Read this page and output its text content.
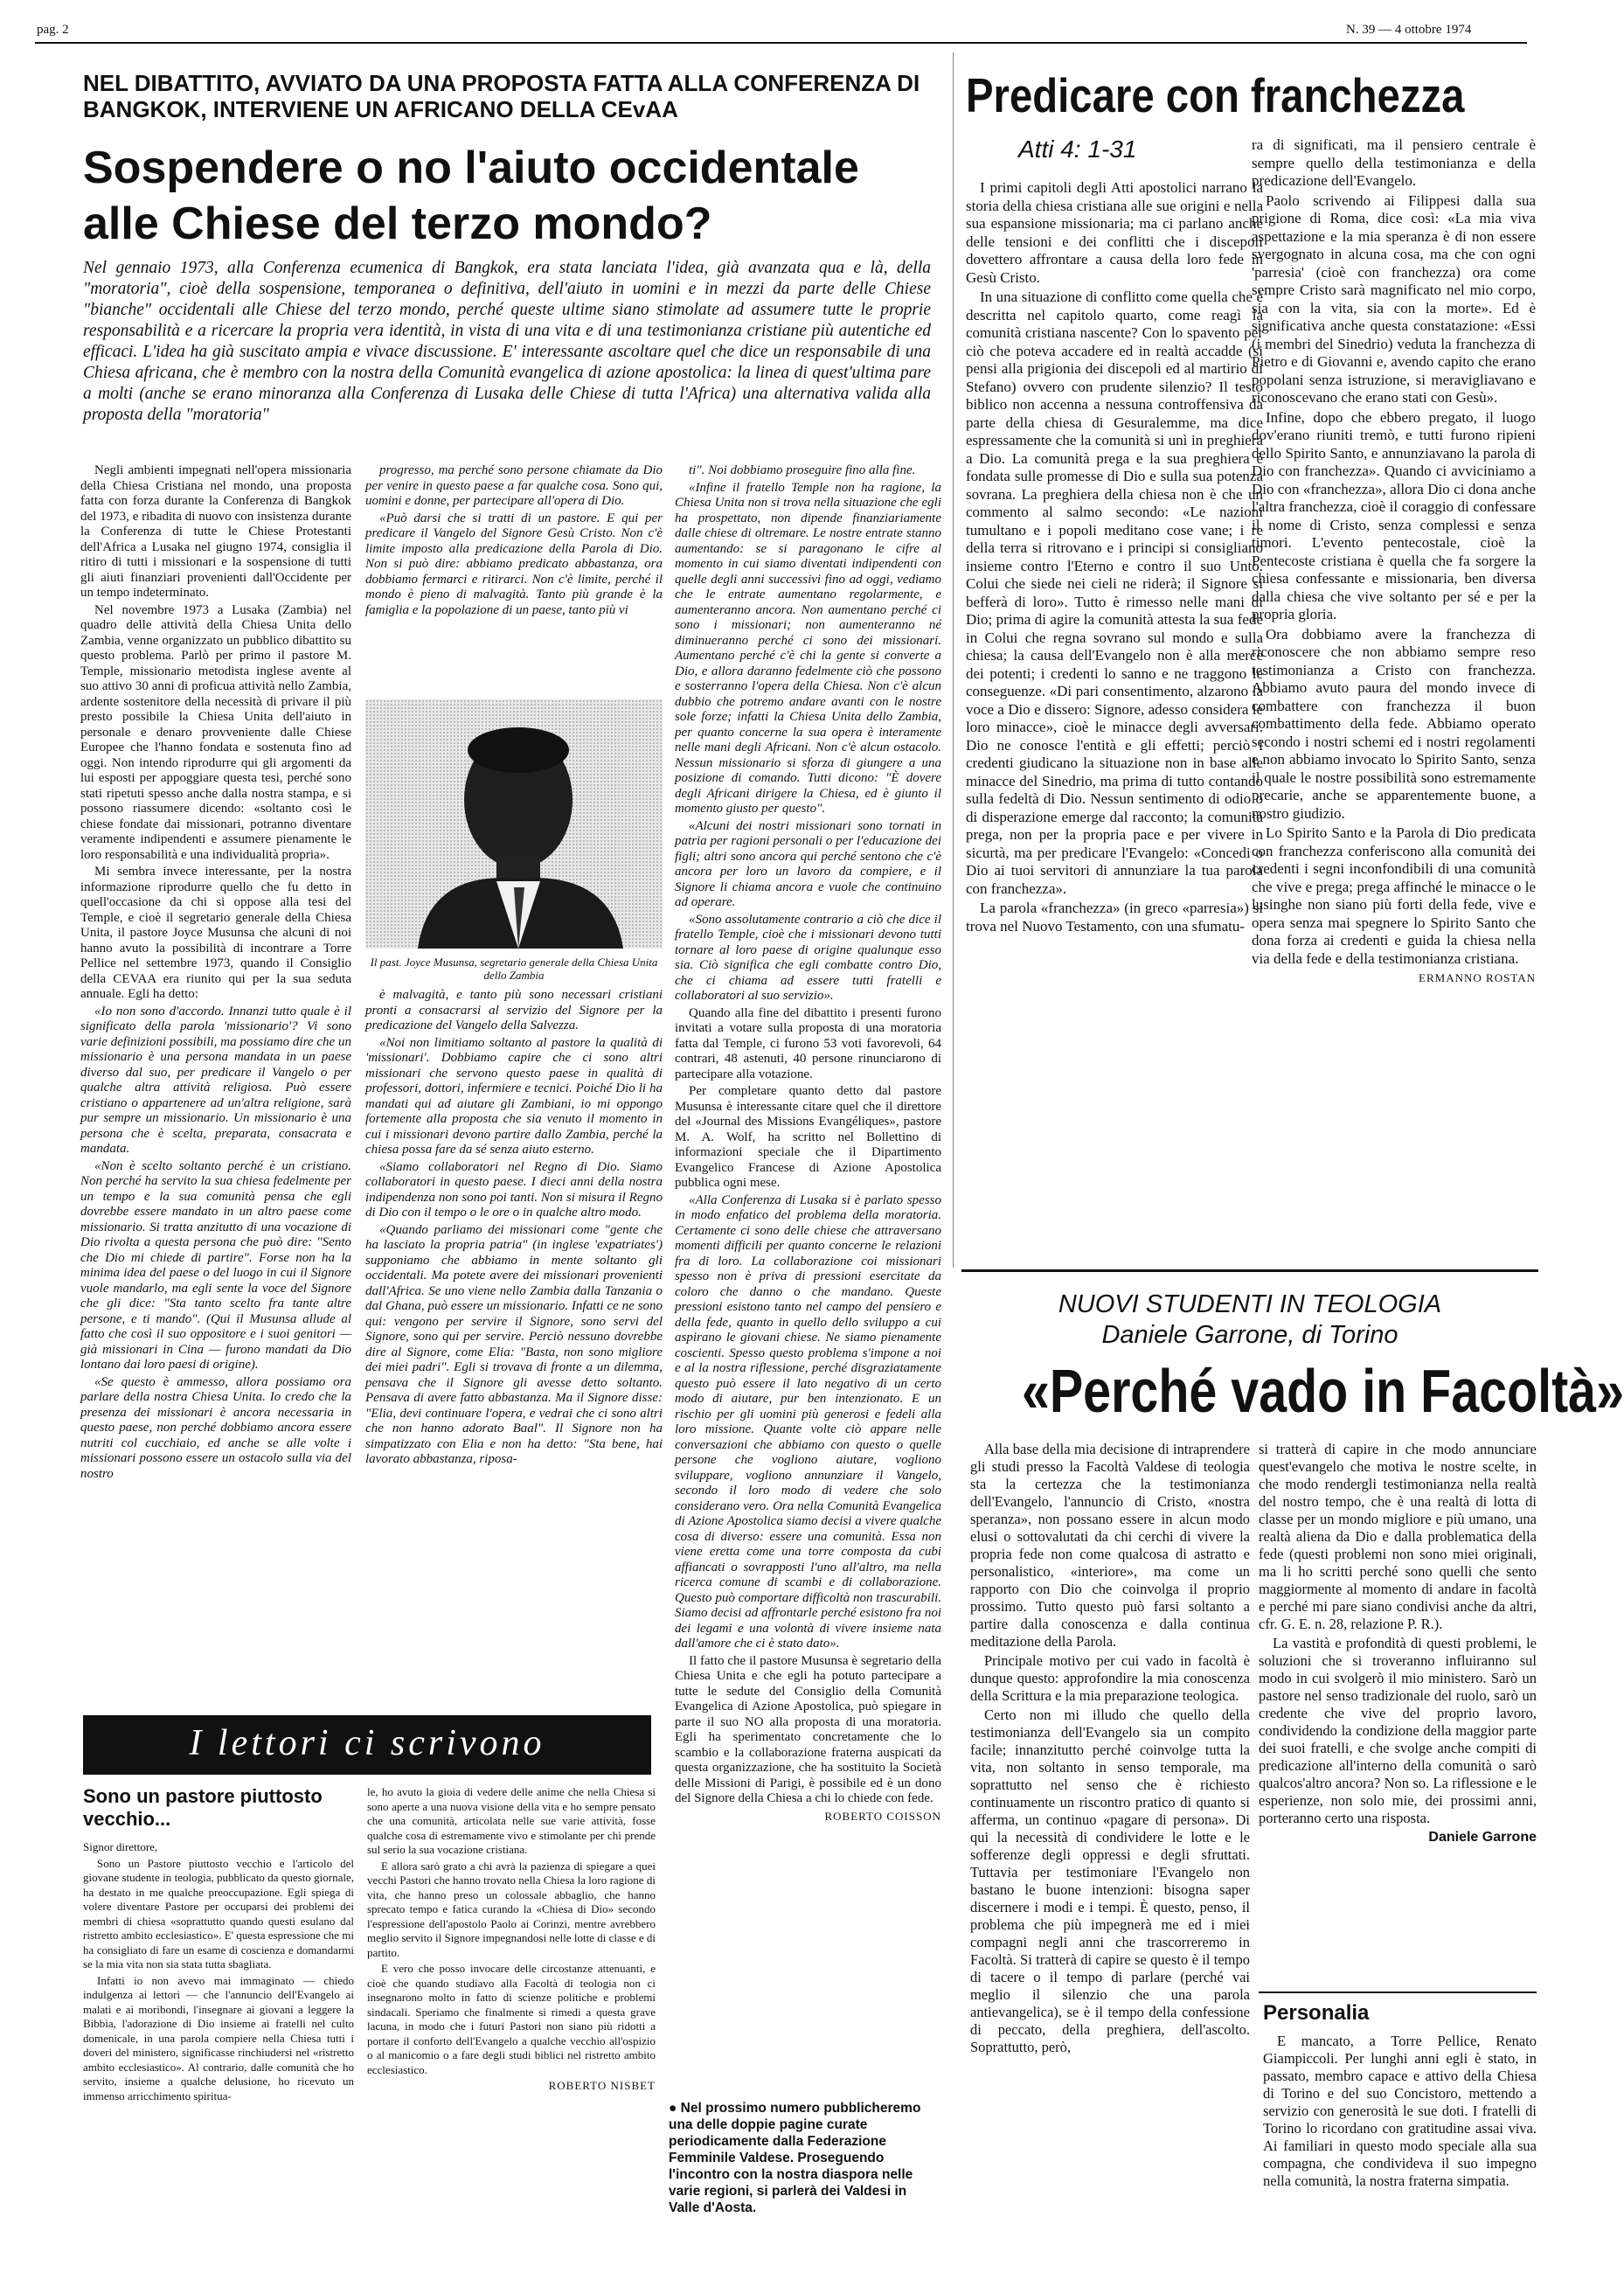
pag. 2	N. 39 — 4 ottobre 1974
NEL DIBATTITO, AVVIATO DA UNA PROPOSTA FATTA ALLA CONFERENZA DI BANGKOK, INTERVIENE UN AFRICANO DELLA CEvAA
Sospendere o no l'aiuto occidentale alle Chiese del terzo mondo?
Nel gennaio 1973, alla Conferenza ecumenica di Bangkok, era stata lanciata l'idea, già avanzata qua e là, della "moratoria", cioè della sospensione, temporanea o definitiva, dell'aiuto in uomini e in mezzi da parte delle Chiese "bianche" occidentali alle Chiese del terzo mondo, perché queste ultime siano stimolate ad assumere tutte le proprie responsabilità e a ricercare la propria vera identità, in vista di una vita e di una testimonianza cristiane più autentiche ed efficaci. L'idea ha già suscitato ampia e vivace discussione. E' interessante ascoltare quel che dice un responsabile di una Chiesa africana, che è membro con la nostra della Comunità evangelica di azione apostolica: la linea di quest'ultima pare a molti (anche se erano minoranza alla Conferenza di Lusaka delle Chiese di tutta l'Africa) una alternativa valida alla proposta della "moratoria"

Negli ambienti impegnati nell'opera missionaria della Chiesa Cristiana nel mondo, una proposta fatta con forza durante la Conferenza di Bangkok del 1973, e ribadita di nuovo con insistenza durante la Conferenza di tutte le Chiese Protestanti dell'Africa a Lusaka nel giugno 1974, consiglia il ritiro di tutti i missionari e la sospensione di tutti gli aiuti finanziari provenienti dall'Occidente per un tempo indeterminato.

Nel novembre 1973 a Lusaka (Zambia) nel quadro delle attività della Chiesa Unita dello Zambia, venne organizzato un pubblico dibattito su questo problema. Parlò per primo il pastore M. Temple, missionario metodista inglese avente al suo attivo 30 anni di proficua attività nello Zambia, ardente sostenitore della necessità di privare il più presto possibile la Chiesa Unita dell'aiuto in personale e denaro provveniente dalle Chiese Europee che l'hanno fondata e sostenuta fino ad oggi. Non intendo riprodurre qui gli argomenti da lui esposti per appoggiare questa tesi, perché sono stati ripetuti spesso anche dalla nostra stampa, e si possono riassumere dicendo: «soltanto così le chiese fondate dai missionari, potranno diventare veramente indipendenti e assumere pienamente le loro responsabilità e una individualità propria».

Mi sembra invece interessante, per la nostra informazione riprodurre quello che fu detto in quell'occasione da chi si oppose alla tesi del Temple, e cioè il segretario generale della Chiesa Unita, il pastore Joyce Musunsa che alcuni di noi hanno avuto la possibilità di incontrare a Torre Pellice nel settembre 1973, quando il Consiglio della CEVAA era riunito qui per la sua seduta annuale. Egli ha detto:

«Io non sono d'accordo. Innanzi tutto quale è il significato della parola 'missionario'? Vi sono varie definizioni possibili, ma possiamo dire che un missionario è una persona mandata in un paese diverso dal suo, per predicare il Vangelo o per qualche altra attività religiosa. Può essere cristiano o appartenere ad un'altra religione, sarà pur sempre un missionario. Un missionario è una persona che è scelta, preparata, consacrata e mandata.

«Non è scelto soltanto perché è un cristiano. Non perché ha servito la sua chiesa fedelmente per un tempo e la sua comunità pensa che egli dovrebbe essere mandato in un altro paese come missionario. Si tratta anzitutto di una vocazione di Dio rivolta a questa persona che può dire: "Sento che Dio mi chiede di partire". Forse non ha la minima idea del paese o del luogo in cui il Signore vuole mandarlo, ma egli sente la voce del Signore che gli dice: "Sta tanto scelto fra tante altre persone, e ti mando". (Qui il Musunsa allude al fatto che così il suo oppositore e i suoi genitori — già missionari in Cina — furono mandati da Dio lontano dai loro paesi di origine).

«Se questo è ammesso, allora possiamo ora parlare della nostra Chiesa Unita. Io credo che la presenza dei missionari è ancora necessaria in questo paese, non perché dobbiamo ancora essere nutriti col cucchiaio, ed anche se alle volte i missionari possono essere un ostacolo sulla via del nostro

progresso, ma perché sono persone chiamate da Dio per venire in questo paese a far qualche cosa. Sono qui, uomini e donne, per partecipare all'opera di Dio.

«Può darsi che si tratti di un pastore. E qui per predicare il Vangelo del Signore Gesù Cristo. Non c'è limite imposto alla predicazione della Parola di Dio. Non si può dire: abbiamo predicato abbastanza, ora dobbiamo fermarci e ritirarci. Non c'è limite, perché il mondo è pieno di malvagità. Tanto più grande è la famiglia e la popolazione di un paese, tanto più vi

Il past. Joyce Musunsa, segretario generale della Chiesa Unita dello Zambia

è malvagità, e tanto più sono necessari cristiani pronti a consacrarsi al servizio del Signore per la predicazione del Vangelo della Salvezza.

«Noi non limitiamo soltanto al pastore la qualità di 'missionari'. Dobbiamo capire che ci sono altri missionari che servono questo paese in qualità di professori, dottori, infermiere e tecnici. Poiché Dio li ha mandati qui ad aiutare gli Zambiani, io mi oppongo fortemente alla proposta che sia venuto il momento in cui i missionari devono partire dallo Zambia, perché la chiesa possa fare da sé senza aiuto esterno.

«Siamo collaboratori nel Regno di Dio. Siamo collaboratori in questo paese. I dieci anni della nostra indipendenza non sono poi tanti. Non si misura il Regno di Dio con il tempo o le ore o in qualche altro modo.

«Quando parliamo dei missionari come "gente che ha lasciato la propria patria" (in inglese 'expatriates') supponiamo che abbiamo in mente soltanto gli occidentali. Ma potete avere dei missionari provenienti dall'Africa. Se uno viene nello Zambia dalla Tanzania o dal Ghana, può essere un missionario. Infatti ce ne sono qui: vengono per servire il Signore, sono servi del Signore, sono qui per servire. Perciò nessuno dovrebbe dire al Signore, come Elia: "Basta, non sono migliore dei miei padri". Egli si trovava di fronte a un dilemma, pensava che il Signore gli avesse detto soltanto. Pensava di avere fatto abbastanza. Ma il Signore disse: "Elia, devi continuare l'opera, e vedrai che ci sono altri che non hanno adorato Baal". Il Signore non ha simpatizzato con Elia e non ha detto: "Sta bene, hai lavorato abbastanza, riposa-

ti". Noi dobbiamo proseguire fino alla fine.

«Infine il fratello Temple non ha ragione, la Chiesa Unita non si trova nella situazione che egli ha prospettato, non dipende finanziariamente dalle chiese di oltremare. Le nostre entrate stanno aumentando: se si paragonano le cifre al momento in cui siamo diventati indipendenti con quelle degli anni successivi fino ad oggi, vediamo che le entrate aumentano regolarmente, e aumenteranno ancora. Non aumentano perché ci sono i missionari; non aumenteranno né diminueranno perché ci sono dei missionari. Aumentano perché c'è chi la gente si converte a Dio, e allora daranno fedelmente ciò che possono e sosterranno l'opera della Chiesa. Non c'è alcun dubbio che potremo andare avanti con le nostre sole forze; infatti la Chiesa Unita dello Zambia, per quanto concerne la sua opera è interamente nelle mani degli Africani. Non c'è alcun ostacolo. Nessun missionario si sforza di giungere a una posizione di comando. Tutti dicono: "È dovere degli Africani dirigere la Chiesa, ed è giunto il momento giusto per questo".

«Alcuni dei nostri missionari sono tornati in patria per ragioni personali o per l'educazione dei figli; altri sono ancora qui perché sentono che c'è ancora per loro un lavoro da compiere, e il Signore li chiama ancora e vuole che continuino ad operare.

«Sono assolutamente contrario a ciò che dice il fratello Temple, cioè che i missionari devono tutti tornare al loro paese di origine qualunque esso sia. Ciò significa che egli combatte contro Dio, che ci chiama ad essere tutti fratelli e collaboratori al suo servizio».

Quando alla fine del dibattito i presenti furono invitati a votare sulla proposta di una moratoria fatta dal Temple, ci furono 53 voti favorevoli, 64 contrari, 48 astenuti, 40 persone rinunciarono di partecipare alla votazione.

Per completare quanto detto dal pastore Musunsa è interessante citare quel che il direttore del «Journal des Missions Evangéliques», pastore M. A. Wolf, ha scritto nel Bollettino di informazioni speciale che il Dipartimento Evangelico Francese di Azione Apostolica pubblica ogni mese.

«Alla Conferenza di Lusaka si è parlato spesso in modo enfatico del problema della moratoria. Certamente ci sono delle chiese che attraversano momenti difficili per quanto concerne le relazioni fra di loro. La collaborazione coi missionari spesso non è priva di pressioni esercitate da coloro che danno o che mandano. Queste pressioni esistono tanto nel campo del pensiero e della fede, quanto in quello dello sviluppo a cui aspirano le giovani chiese. Ne siamo pienamente coscienti. Spesso questo problema s'impone a noi e al la nostra riflessione, perché disgraziatamente questo può essere il lato negativo di un certo modo di aiutare, pur ben intenzionato. E un rischio per gli uomini più generosi e fedeli alla loro missione. Quante volte ciò appare nelle conversazioni che abbiamo con questo o quelle persone che vogliono aiutare, vogliono sviluppare, vogliono annunziare il Vangelo, secondo il loro modo di vedere che solo considerano vero. Ora nella Comunità Evangelica di Azione Apostolica siamo decisi a vivere qualche cosa di diverso: essere una comunità. Essa non viene eretta come una torre composta da cubi affiancati o sovrapposti l'uno all'altro, ma nella ricerca comune di scambi e di collaborazione. Questo può comportare difficoltà non trascurabili. Siamo decisi ad affrontarle perché esistono fra noi dei legami e una volontà di vivere insieme nata dall'amore che ci è stato dato».

Il fatto che il pastore Musunsa è segretario della Chiesa Unita e che egli ha potuto partecipare a tutte le sedute del Consiglio della Comunità Evangelica di Azione Apostolica, può spiegare in parte il suo NO alla proposta di una moratoria. Egli ha sperimentato concretamente che lo scambio e la collaborazione fraterna auspicati da questa organizzazione, che ha sostituito la Società delle Missioni di Parigi, è possibile ed è un dono del Signore della Chiesa a chi lo chiede con fede.

ROBERTO COISSON
● Nel prossimo numero pubblicheremo una delle doppie pagine curate periodicamente dalla Federazione Femminile Valdese. Proseguendo l'incontro con la nostra diaspora nelle varie regioni, si parlerà dei Valdesi in Valle d'Aosta.
I lettori ci scrivono
Sono un pastore piuttosto vecchio...

Signor direttore,

Sono un Pastore piuttosto vecchio e l'articolo del giovane studente in teologia, pubblicato da questo giornale, ha destato in me qualche preoccupazione. Egli spiega di volere diventare Pastore per occuparsi dei problemi dei membri di chiesa «soprattutto quando questi esulano dal ristretto ambito ecclesiastico». E' questa espressione che mi ha consigliato di fare un esame di coscienza e domandarmi se la mia vita non sia stata tutta sbagliata.

Infatti io non avevo mai immaginato — chiedo indulgenza ai lettori — che l'annuncio dell'Evangelo ai malati e ai moribondi, l'insegnare ai giovani a leggere la Bibbia, l'adorazione di Dio insieme ai fratelli nel culto domenicale, in una parola compiere nella Chiesa tutti i doveri del ministero, significasse rinchiudersi nel «ristretto ambito ecclesiastico». Al contrario, dalle comunità che ho servito, insieme a qualche delusione, ho ricevuto un immenso arricchimento spiritua-

le, ho avuto la gioia di vedere delle anime che nella Chiesa si sono aperte a una nuova visione della vita e ho sempre pensato che una comunità, articolata nelle sue varie attività, fosse qualche cosa di estremamente vivo e stimolante per chi prende sul serio la sua vocazione cristiana.

E allora sarò grato a chi avrà la pazienza di spiegare a quei vecchi Pastori che hanno trovato nella Chiesa la loro ragione di vita, che hanno preso un colossale abbaglio, che hanno sprecato tempo e fatica curando la «Chiesa di Dio» secondo l'espressione dell'apostolo Paolo ai Corinzi, mentre avrebbero meglio servito il Signore impegnandosi nelle lotte di classe e di partito.

E vero che posso invocare delle circostanze attenuanti, e cioè che quando studiavo alla Facoltà di teologia non ci insegnarono molto in fatto di scienze politiche e problemi sindacali. Speriamo che finalmente si rimedi a questa grave lacuna, in modo che i futuri Pastori non siano più ridotti a portare il conforto dell'Evangelo a qualche vecchio all'ospizio o al manicomio o a fare degli studi biblici nel ristretto ambito ecclesiastico.

ROBERTO NISBET
Predicare con franchezza
Atti 4: 1-31

I primi capitoli degli Atti apostolici narrano la storia della chiesa cristiana alle sue origini e nella sua espansione missionaria; ma ci parlano anche delle tensioni e dei conflitti che i discepoli dovettero affrontare a causa della loro fede in Gesù Cristo.

In una situazione di conflitto come quella che è descritta nel capitolo quarto, come reagì la comunità cristiana nascente? Con lo spavento per ciò che poteva accadere ed in realtà accadde (si pensi alla prigionia dei discepoli ed al martirio di Stefano) ovvero con prudente silenzio? Il testo biblico non accenna a nessuna controffensiva da parte della chiesa di Gesuralemme, ma dice espressamente che la comunità si unì in preghiera a Dio. La comunità prega e la sua preghiera è fondata sulle promesse di Dio e sulla sua potenza sovrana. La preghiera della chiesa non è che un commento al salmo secondo: «Le nazioni tumultano e i popoli meditano cose vane; i re della terra si ritrovano e i principi si consigliano insieme contro l'Eterno e contro il suo Unto. Colui che siede nei cieli ne riderà; il Signore si befferà di loro». Tutto è rimesso nelle mani di Dio; prima di agire la comunità attesta la sua fede in Colui che regna sovrano sul mondo e sulla chiesa; la causa dell'Evangelo non è alla mercè dei potenti; i credenti lo sanno e ne traggono le conseguenze. «Di pari consentimento, alzarono la voce a Dio e dissero: Signore, adesso considera le loro minacce», cioè le minacce degli avversari. Dio ne conosce l'entità e gli effetti; perciò i credenti giudicano la situazione non in base alle minacce del Sinedrio, ma prima di tutto contando sulla fedeltà di Dio. Nessun sentimento di odio o di disperazione emerge dal racconto; la comunità prega, non per la propria pace e per vivere in sicurtà, ma per predicare l'Evangelo: «Concedi o Dio ai tuoi servitori di annunziare la tua parola con franchezza».

La parola «franchezza» (in greco «parresia») si trova nel Nuovo Testamento, con una sfumatu-

ra di significati, ma il pensiero centrale è sempre quello della testimonianza e della predicazione dell'Evangelo.

Paolo scrivendo ai Filippesi dalla sua prigione di Roma, dice così: «La mia viva aspettazione e la mia speranza è di non essere svergognato in alcuna cosa, ma che con ogni 'parresia' (cioè con franchezza) ora come sempre Cristo sarà magnificato nel mio corpo, sia con la vita, sia con la morte». Ed è significativa anche questa constatazione: «Essi (i membri del Sinedrio) veduta la franchezza di Pietro e di Giovanni e, avendo capito che erano popolani senza istruzione, si meravigliavano e riconoscevano che erano stati con Gesù».

Infine, dopo che ebbero pregato, il luogo dov'erano riuniti tremò, e tutti furono ripieni dello Spirito Santo, e annunziavano la parola di Dio con franchezza». Quando ci avviciniamo a Dio con «franchezza», allora Dio ci dona anche l'altra franchezza, cioè il coraggio di confessare il nome di Cristo, senza complessi e senza timori. L'evento pentecostale, cioè la Pentecoste cristiana è quella che fa sorgere la chiesa confessante e missionaria, ben diversa dalla chiesa che vive soltanto per sé e per la propria gloria.

Ora dobbiamo avere la franchezza di riconoscere che non abbiamo sempre reso testimonianza a Cristo con franchezza. Abbiamo avuto paura del mondo invece di combattere con franchezza il buon combattimento della fede. Abbiamo operato secondo i nostri schemi ed i nostri regolamenti e non abbiamo invocato lo Spirito Santo, senza il quale le nostre possibilità sono estremamente precarie, anche se apparentemente buone, a nostro giudizio.

Lo Spirito Santo e la Parola di Dio predicata con franchezza conferiscono alla comunità dei credenti i segni inconfondibili di una comunità che vive e prega; prega affinché le minacce o le lusinghe non siano più forti della fede, vive e opera senza mai spegnere lo Spirito Santo che dona forza ai credenti e guida la chiesa nella via della fede e della testimonianza cristiana.

ERMANNO ROSTAN
NUOVI STUDENTI IN TEOLOGIA
Daniele Garrone, di Torino
«Perché vado in Facoltà»

Alla base della mia decisione di intraprendere gli studi presso la Facoltà Valdese di teologia sta la certezza che la testimonianza dell'Evangelo, l'annuncio di Cristo, «nostra speranza», non possano essere in alcun modo elusi o sottovalutati da chi cerchi di vivere la propria fede non come qualcosa di astratto e personalistico, «interiore», ma come un rapporto con Dio che coinvolga il proprio prossimo. Tutto questo può farsi soltanto a partire dalla conoscenza e dalla continua meditazione della Parola.

Principale motivo per cui vado in facoltà è dunque questo: approfondire la mia conoscenza della Scrittura e la mia preparazione teologica.

Certo non mi illudo che quello della testimonianza dell'Evangelo sia un compito facile; innanzitutto perché coinvolge tutta la vita, non soltanto in senso temporale, ma soprattutto nel senso che è richiesto continuamente un riscontro pratico di quanto si afferma, un continuo «pagare di persona». Di qui la necessità di condividere le lotte e le sofferenze degli oppressi e degli sfruttati. Tuttavia per testimoniare l'Evangelo non bastano le buone intenzioni: bisogna saper discernere i modi e i tempi. È questo, penso, il problema che più impegnerà me ed i miei compagni negli anni che trascorreremo in Facoltà. Si tratterà di capire se questo è il tempo di tacere o il tempo di parlare (perché vai meglio il silenzio che una parola antievangelica), se è il tempo della confessione di peccato, della preghiera, dell'ascolto. Soprattutto, però,

si tratterà di capire in che modo annunciare quest'evangelo che motiva le nostre scelte, in che modo rendergli testimonianza nella realtà del nostro tempo, che è una realtà di lotta di classe per un mondo migliore e più umano, una realtà aliena da Dio e dalla problematica della fede (questi problemi non sono miei originali, ma li ho scritti perché sono quelli che sento maggiormente al momento di andare in facoltà e perché mi pare siano condivisi anche da altri, cfr. G. E. n. 28, relazione P. R.).

La vastità e profondità di questi problemi, le soluzioni che si troveranno influiranno sul modo in cui svolgerò il mio ministero. Sarò un pastore nel senso tradizionale del ruolo, sarò un credente che vive del proprio lavoro, condividendo la condizione della maggior parte dei suoi fratelli, e che svolge anche compiti di predicazione all'interno della comunità o sarò qualcos'altro ancora? Non so. La riflessione e le esperienze, non solo mie, dei prossimi anni, porteranno certo una risposta.

Daniele Garrone
Personalia

E mancato, a Torre Pellice, Renato Giampiccoli. Per lunghi anni egli è stato, in passato, membro capace e attivo della Chiesa di Torino e del suo Concistoro, mettendo a servizio con generosità le sue doti. I fratelli di Torino lo ricordano con gratitudine assai viva. Ai familiari in questo modo speciale alla sua compagna, che condivideva il suo impegno nella comunità, la nostra fraterna simpatia.
